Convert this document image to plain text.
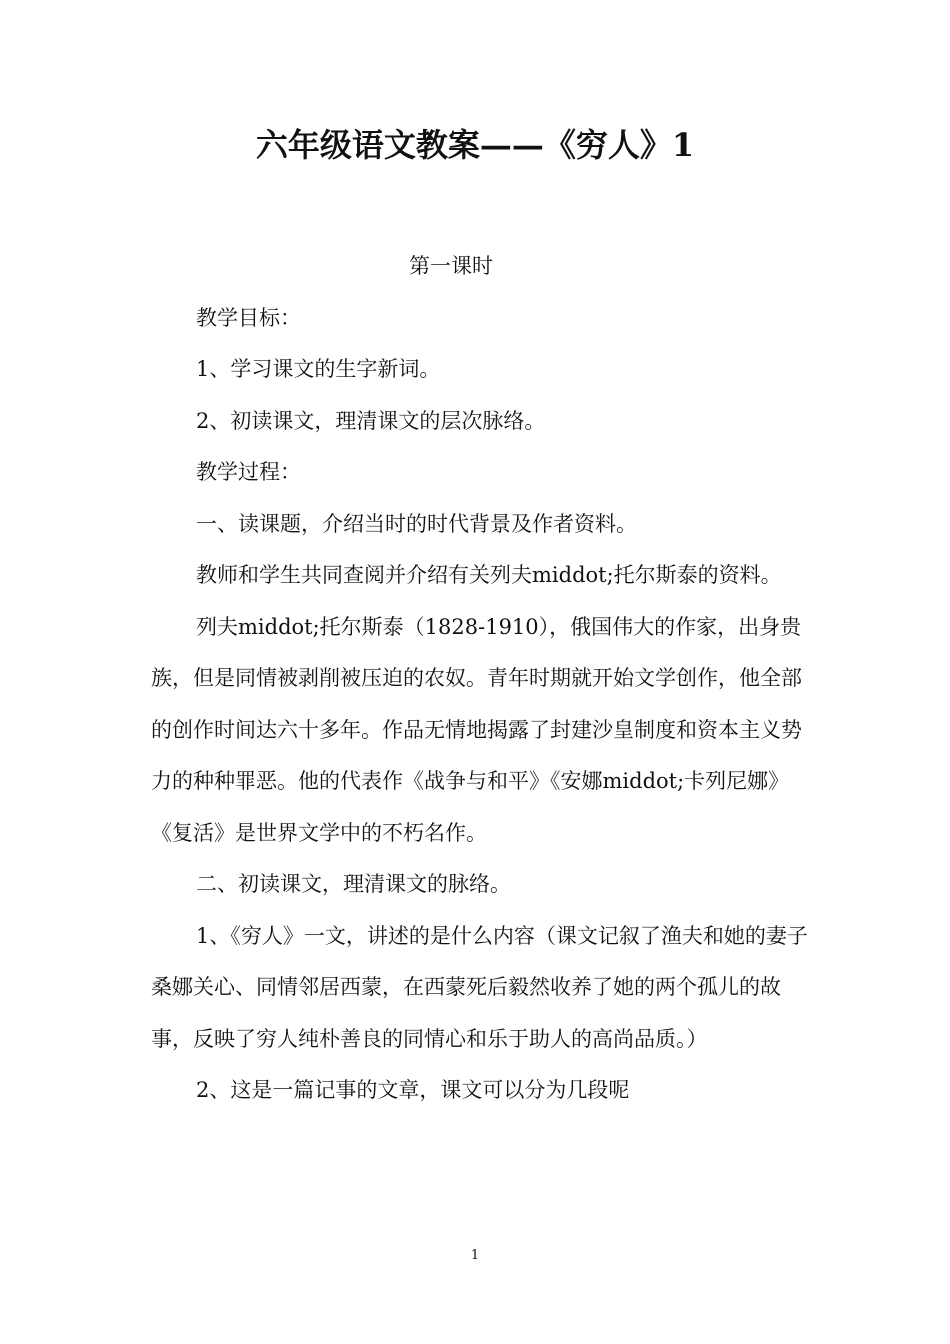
六年级语文教案——《穷人》1

第一课时

教学目标：

1、学习课文的生字新词。

2、初读课文，理清课文的层次脉络。

教学过程：

一、读课题，介绍当时的时代背景及作者资料。

教师和学生共同查阅并介绍有关列夫middot;托尔斯泰的资料。

列夫middot;托尔斯泰（1828-1910），俄国伟大的作家，出身贵族，但是同情被剥削被压迫的农奴。青年时期就开始文学创作，他全部的创作时间达六十多年。作品无情地揭露了封建沙皇制度和资本主义势力的种种罪恶。他的代表作《战争与和平》《安娜middot;卡列尼娜》《复活》是世界文学中的不朽名作。

二、初读课文，理清课文的脉络。

1、《穷人》一文，讲述的是什么内容（课文记叙了渔夫和她的妻子桑娜关心、同情邻居西蒙，在西蒙死后毅然收养了她的两个孤儿的故事，反映了穷人纯朴善良的同情心和乐于助人的高尚品质。）

2、这是一篇记事的文章，课文可以分为几段呢

1
